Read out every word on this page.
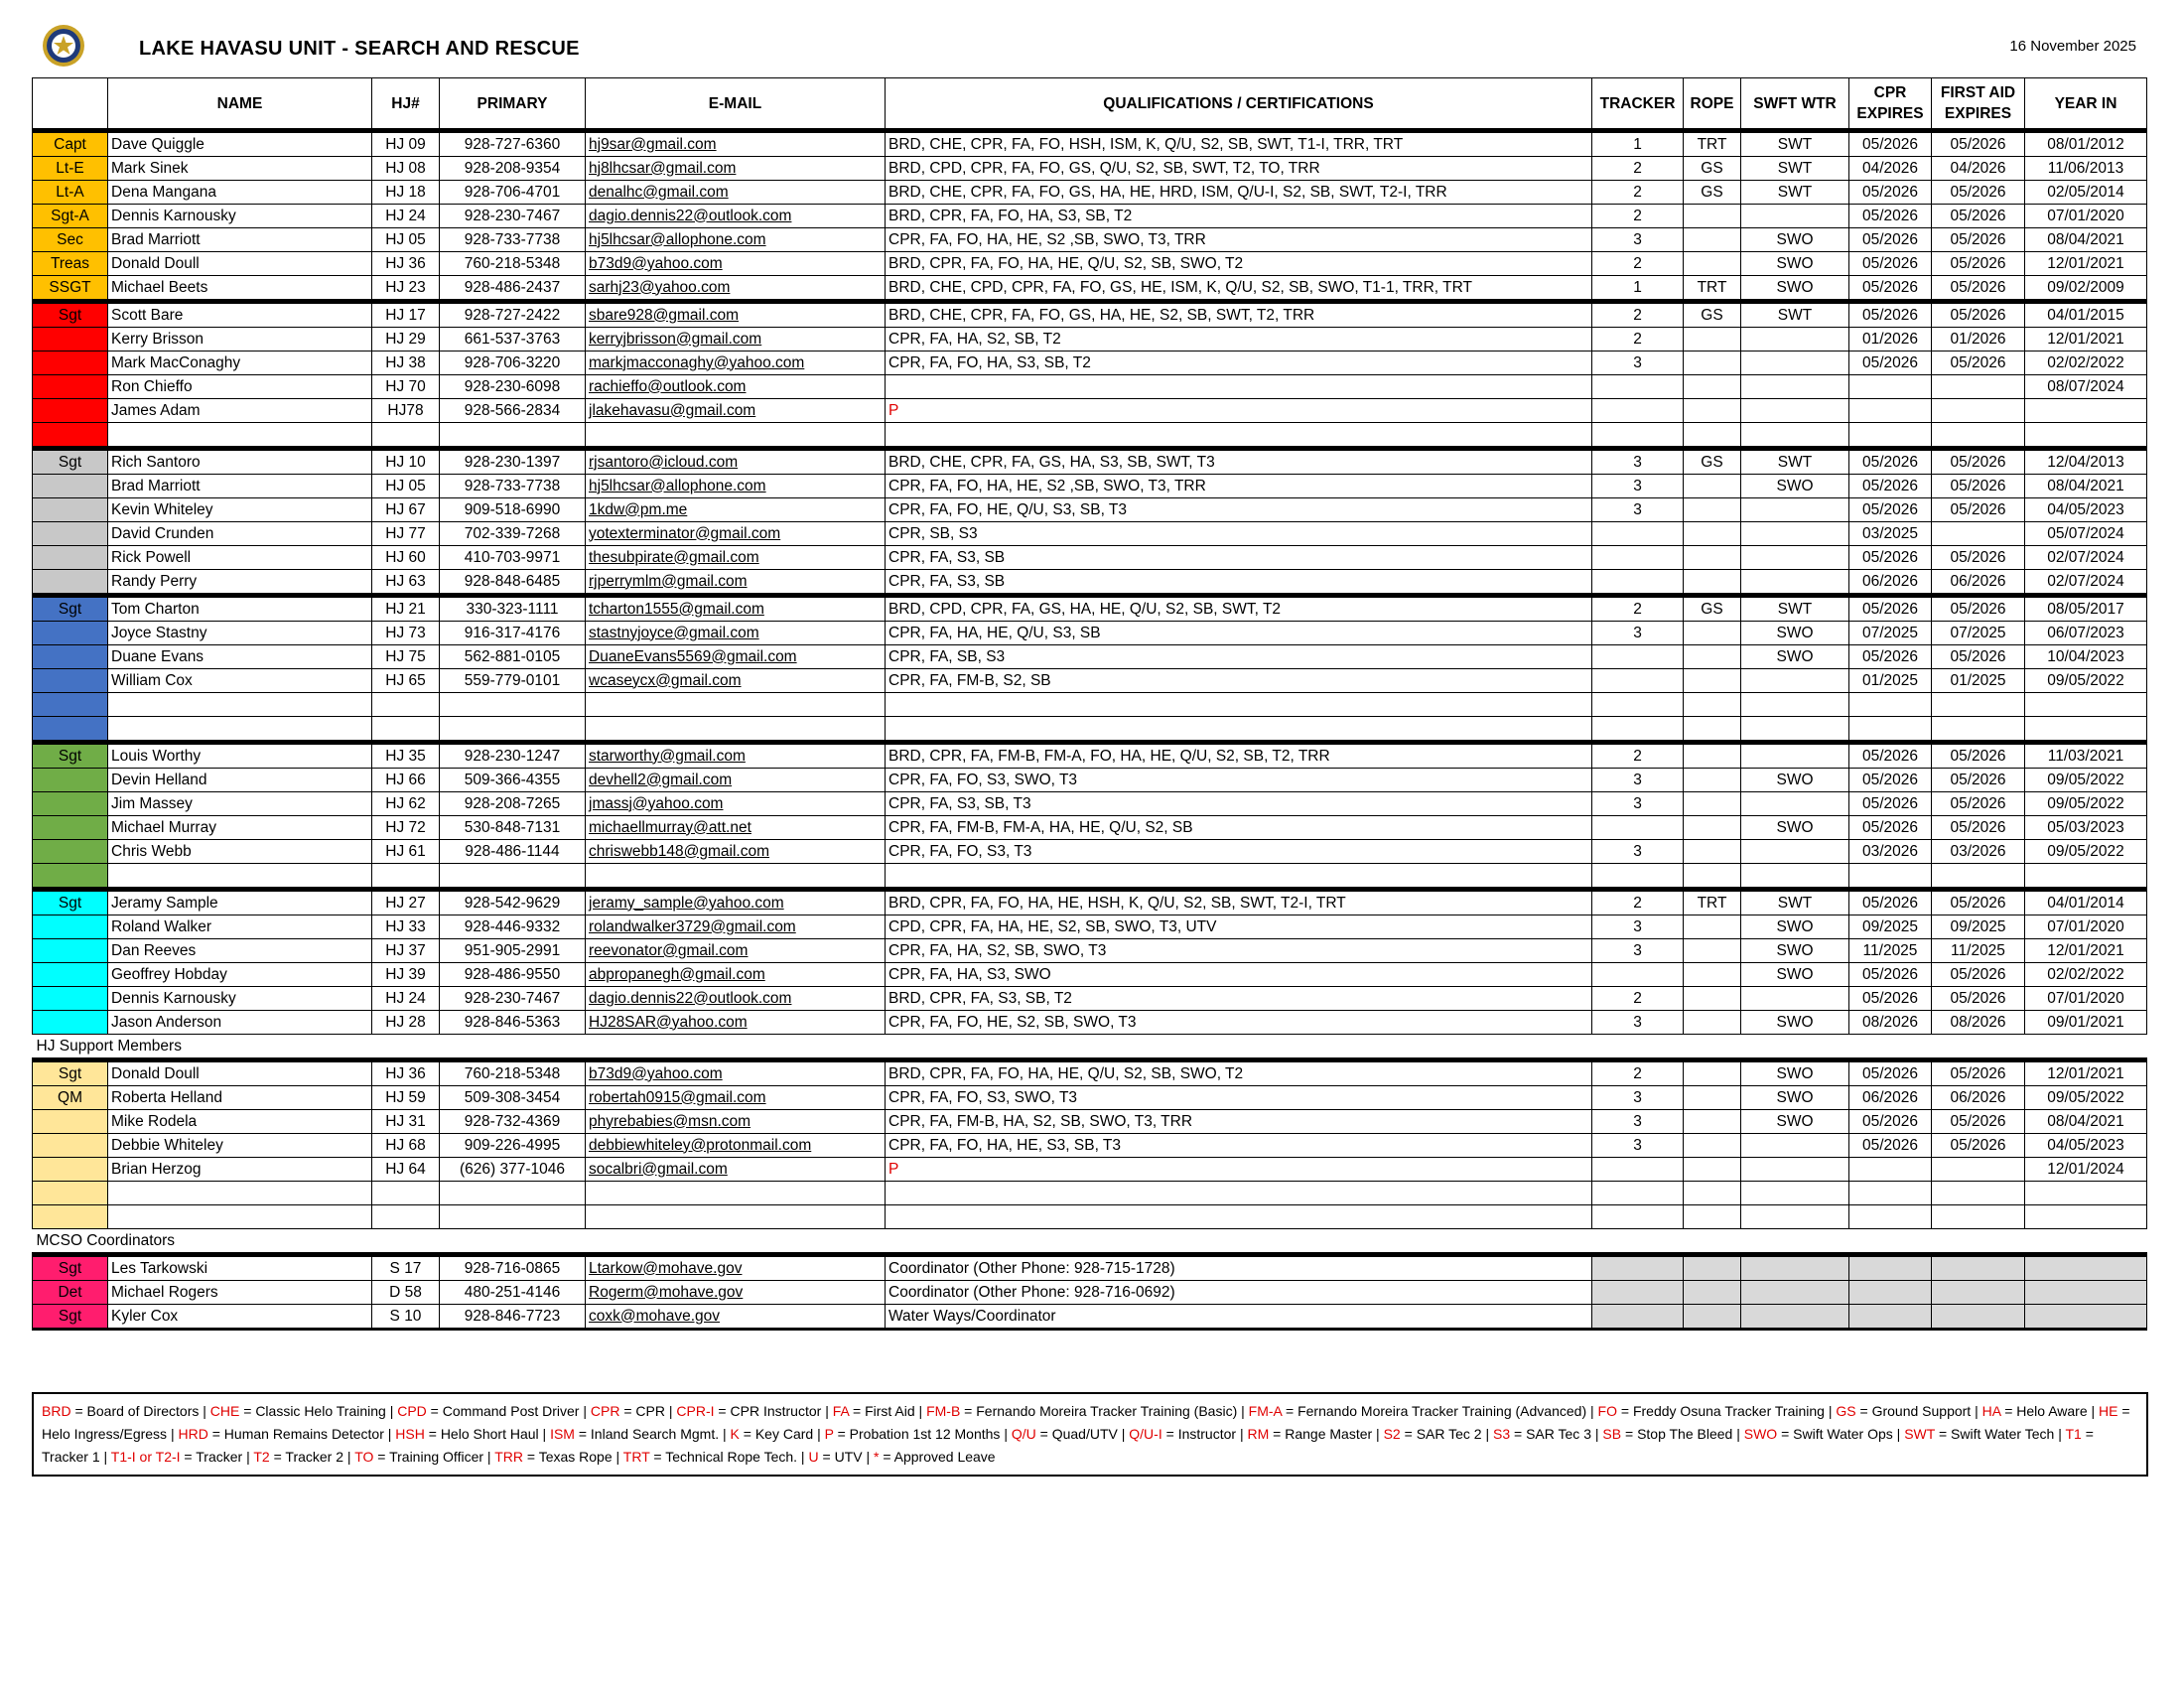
LAKE HAVASU UNIT - SEARCH AND RESCUE	16 November 2025
	NAME	HJ#	PRIMARY	E-MAIL	QUALIFICATIONS / CERTIFICATIONS	TRACKER	ROPE	SWFT WTR	CPR EXPIRES	FIRST AID EXPIRES	YEAR IN
Capt	Dave Quiggle	HJ 09	928-727-6360	hj9sar@gmail.com	BRD, CHE, CPR, FA, FO, HSH, ISM, K, Q/U, S2, SB, SWT, T1-I, TRR, TRT	1	TRT	SWT	05/2026	05/2026	08/01/2012
Lt-E	Mark Sinek	HJ 08	928-208-9354	hj8lhcsar@gmail.com	BRD, CPD, CPR, FA, FO, GS, Q/U, S2, SB, SWT, T2, TO, TRR	2	GS	SWT	04/2026	04/2026	11/06/2013
Lt-A	Dena Mangana	HJ 18	928-706-4701	denalhc@gmail.com	BRD, CHE, CPR, FA, FO, GS, HA, HE, HRD, ISM, Q/U-I, S2, SB, SWT, T2-I, TRR	2	GS	SWT	05/2026	05/2026	02/05/2014
Sgt-A	Dennis Karnousky	HJ 24	928-230-7467	dagio.dennis22@outlook.com	BRD, CPR, FA, FO, HA, S3, SB, T2	2			05/2026	05/2026	07/01/2020
Sec	Brad Marriott	HJ 05	928-733-7738	hj5lhcsar@allophone.com	CPR, FA, FO, HA, HE, S2 ,SB, SWO, T3, TRR	3		SWO	05/2026	05/2026	08/04/2021
Treas	Donald Doull	HJ 36	760-218-5348	b73d9@yahoo.com	BRD, CPR, FA, FO, HA, HE, Q/U, S2, SB, SWO, T2	2		SWO	05/2026	05/2026	12/01/2021
SSGT	Michael Beets	HJ 23	928-486-2437	sarhj23@yahoo.com	BRD, CHE, CPD, CPR, FA, FO, GS, HE, ISM, K, Q/U, S2, SB, SWO, T1-1, TRR, TRT	1	TRT	SWO	05/2026	05/2026	09/02/2009
Sgt	Scott Bare	HJ 17	928-727-2422	sbare928@gmail.com	BRD, CHE, CPR, FA, FO, GS, HA, HE, S2, SB, SWT, T2, TRR	2	GS	SWT	05/2026	05/2026	04/01/2015
	Kerry Brisson	HJ 29	661-537-3763	kerryjbrisson@gmail.com	CPR, FA, HA, S2, SB, T2	2			01/2026	01/2026	12/01/2021
	Mark MacConaghy	HJ 38	928-706-3220	markjmacconaghy@yahoo.com	CPR, FA, FO, HA, S3, SB, T2	3			05/2026	05/2026	02/02/2022
	Ron Chieffo	HJ 70	928-230-6098	rachieffo@outlook.com							08/07/2024
	James Adam	HJ78	928-566-2834	jlakehavasu@gmail.com	P						

Sgt	Rich Santoro	HJ 10	928-230-1397	rjsantoro@icloud.com	BRD, CHE, CPR, FA, GS, HA, S3, SB, SWT, T3	3	GS	SWT	05/2026	05/2026	12/04/2013
	Brad Marriott	HJ 05	928-733-7738	hj5lhcsar@allophone.com	CPR, FA, FO, HA, HE, S2 ,SB, SWO, T3, TRR	3		SWO	05/2026	05/2026	08/04/2021
	Kevin Whiteley	HJ 67	909-518-6990	1kdw@pm.me	CPR, FA, FO, HE, Q/U, S3, SB, T3	3			05/2026	05/2026	04/05/2023
	David Crunden	HJ 77	702-339-7268	yotexterminator@gmail.com	CPR, SB, S3				03/2025		05/07/2024
	Rick Powell	HJ 60	410-703-9971	thesubpirate@gmail.com	CPR, FA, S3, SB				05/2026	05/2026	02/07/2024
	Randy Perry	HJ 63	928-848-6485	rjperrymlm@gmail.com	CPR, FA, S3, SB				06/2026	06/2026	02/07/2024
Sgt	Tom Charton	HJ 21	330-323-1111	tcharton1555@gmail.com	BRD, CPD, CPR, FA, GS, HA, HE, Q/U, S2, SB, SWT, T2	2	GS	SWT	05/2026	05/2026	08/05/2017
	Joyce Stastny	HJ 73	916-317-4176	stastnyjoyce@gmail.com	CPR, FA, HA, HE, Q/U, S3, SB	3		SWO	07/2025	07/2025	06/07/2023
	Duane Evans	HJ 75	562-881-0105	DuaneEvans5569@gmail.com	CPR, FA, SB, S3			SWO	05/2026	05/2026	10/04/2023
	William Cox	HJ 65	559-779-0101	wcaseycx@gmail.com	CPR, FA, FM-B, S2, SB				01/2025	01/2025	09/05/2022

Sgt	Louis Worthy	HJ 35	928-230-1247	starworthy@gmail.com	BRD, CPR, FA, FM-B, FM-A, FO, HA, HE, Q/U, S2, SB, T2, TRR	2			05/2026	05/2026	11/03/2021
	Devin Helland	HJ 66	509-366-4355	devhell2@gmail.com	CPR, FA, FO, S3, SWO, T3	3		SWO	05/2026	05/2026	09/05/2022
	Jim Massey	HJ 62	928-208-7265	jmassj@yahoo.com	CPR, FA, S3, SB, T3	3			05/2026	05/2026	09/05/2022
	Michael Murray	HJ 72	530-848-7131	michaellmurray@att.net	CPR, FA, FM-B, FM-A, HA, HE, Q/U, S2, SB			SWO	05/2026	05/2026	05/03/2023
	Chris Webb	HJ 61	928-486-1144	chriswebb148@gmail.com	CPR, FA, FO, S3, T3	3			03/2026	03/2026	09/05/2022

Sgt	Jeramy Sample	HJ 27	928-542-9629	jeramy_sample@yahoo.com	BRD, CPR, FA, FO, HA, HE, HSH, K, Q/U, S2, SB, SWT, T2-I, TRT	2	TRT	SWT	05/2026	05/2026	04/01/2014
	Roland Walker	HJ 33	928-446-9332	rolandwalker3729@gmail.com	CPD, CPR, FA, HA, HE, S2, SB, SWO, T3, UTV	3		SWO	09/2025	09/2025	07/01/2020
	Dan Reeves	HJ 37	951-905-2991	reevonator@gmail.com	CPR, FA, HA, S2, SB, SWO, T3	3		SWO	11/2025	11/2025	12/01/2021
	Geoffrey Hobday	HJ 39	928-486-9550	abpropanegh@gmail.com	CPR, FA, HA, S3, SWO			SWO	05/2026	05/2026	02/02/2022
	Dennis Karnousky	HJ 24	928-230-7467	dagio.dennis22@outlook.com	BRD, CPR, FA, S3, SB, T2	2			05/2026	05/2026	07/01/2020
	Jason Anderson	HJ 28	928-846-5363	HJ28SAR@yahoo.com	CPR, FA, FO, HE, S2, SB, SWO, T3	3		SWO	08/2026	08/2026	09/01/2021
HJ Support Members											
Sgt	Donald Doull	HJ 36	760-218-5348	b73d9@yahoo.com	BRD, CPR, FA, FO, HA, HE, Q/U, S2, SB, SWO, T2	2		SWO	05/2026	05/2026	12/01/2021
QM	Roberta Helland	HJ 59	509-308-3454	robertah0915@gmail.com	CPR, FA, FO, S3, SWO, T3	3		SWO	06/2026	06/2026	09/05/2022
	Mike Rodela	HJ 31	928-732-4369	phyrebabies@msn.com	CPR, FA, FM-B, HA, S2, SB, SWO, T3, TRR	3		SWO	05/2026	05/2026	08/04/2021
	Debbie Whiteley	HJ 68	909-226-4995	debbiewhiteley@protonmail.com	CPR, FA, FO, HA, HE, S3, SB, T3	3			05/2026	05/2026	04/05/2023
	Brian Herzog	HJ 64	(626) 377-1046	socalbri@gmail.com	P						12/01/2024

MCSO Coordinators											
Sgt	Les Tarkowski	S 17	928-716-0865	Ltarkow@mohave.gov	Coordinator (Other Phone: 928-715-1728)						
Det	Michael Rogers	D 58	480-251-4146	Rogerm@mohave.gov	Coordinator (Other Phone: 928-716-0692)						
Sgt	Kyler Cox	S 10	928-846-7723	coxk@mohave.gov	Water Ways/Coordinator						
BRD = Board of Directors | CHE = Classic Helo Training | CPD = Command Post Driver | CPR = CPR | CPR-I = CPR Instructor | FA = First Aid | FM-B = Fernando Moreira Tracker Training (Basic) | FM-A = Fernando Moreira Tracker Training (Advanced) | FO = Freddy Osuna Tracker Training | GS = Ground Support | HA = Helo Aware | HE = Helo Ingress/Egress | HRD = Human Remains Detector | HSH = Helo Short Haul | ISM = Inland Search Mgmt. | K = Key Card | P = Probation 1st 12 Months | Q/U = Quad/UTV | Q/U-I = Instructor | RM = Range Master | S2 = SAR Tec 2 | S3 = SAR Tec 3 | SB = Stop The Bleed | SWO = Swift Water Ops | SWT = Swift Water Tech | T1 = Tracker 1 | T1-I or T2-I = Tracker | T2 = Tracker 2 | TO = Training Officer | TRR = Texas Rope | TRT = Technical Rope Tech. | U = UTV | * = Approved Leave
